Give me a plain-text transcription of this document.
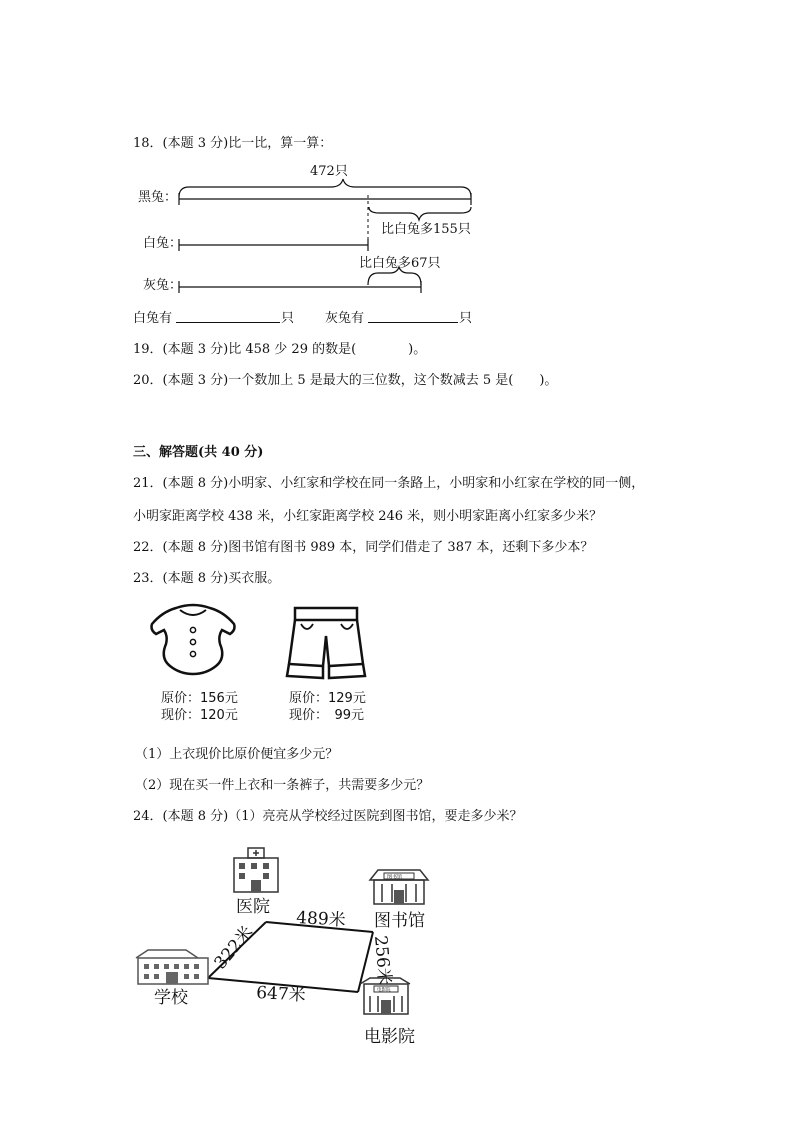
18．(本题 3 分)比一比，算一算：
472只
黑兔：
比白兔多155只
白兔：
比白兔多67只
灰兔：
白兔有	只 灰兔有	只
19．(本题 3 分)比 458 少 29 的数是(　　　　)。
20．(本题 3 分)一个数加上 5 是最大的三位数，这个数减去 5 是(　　)。
三、解答题(共 40 分)
21．(本题 8 分)小明家、小红家和学校在同一条路上，小明家和小红家在学校的同一侧，
小明家距离学校 438 米，小红家距离学校 246 米，则小明家距离小红家多少米？
22．(本题 8 分)图书馆有图书 989 本，同学们借走了 387 本，还剩下多少本？
23．(本题 8 分)买衣服。
原价：156元
现价：120元
原价：129元
现价：　99元
（1）上衣现价比原价便宜多少元？
（2）现在买一件上衣和一条裤子，共需要多少元？
24．(本题 8 分)（1）亮亮从学校经过医院到图书馆，要走多少米？
医院
图书馆
图书馆
学校	电影院
电影院
322米
489米
256米
647米
